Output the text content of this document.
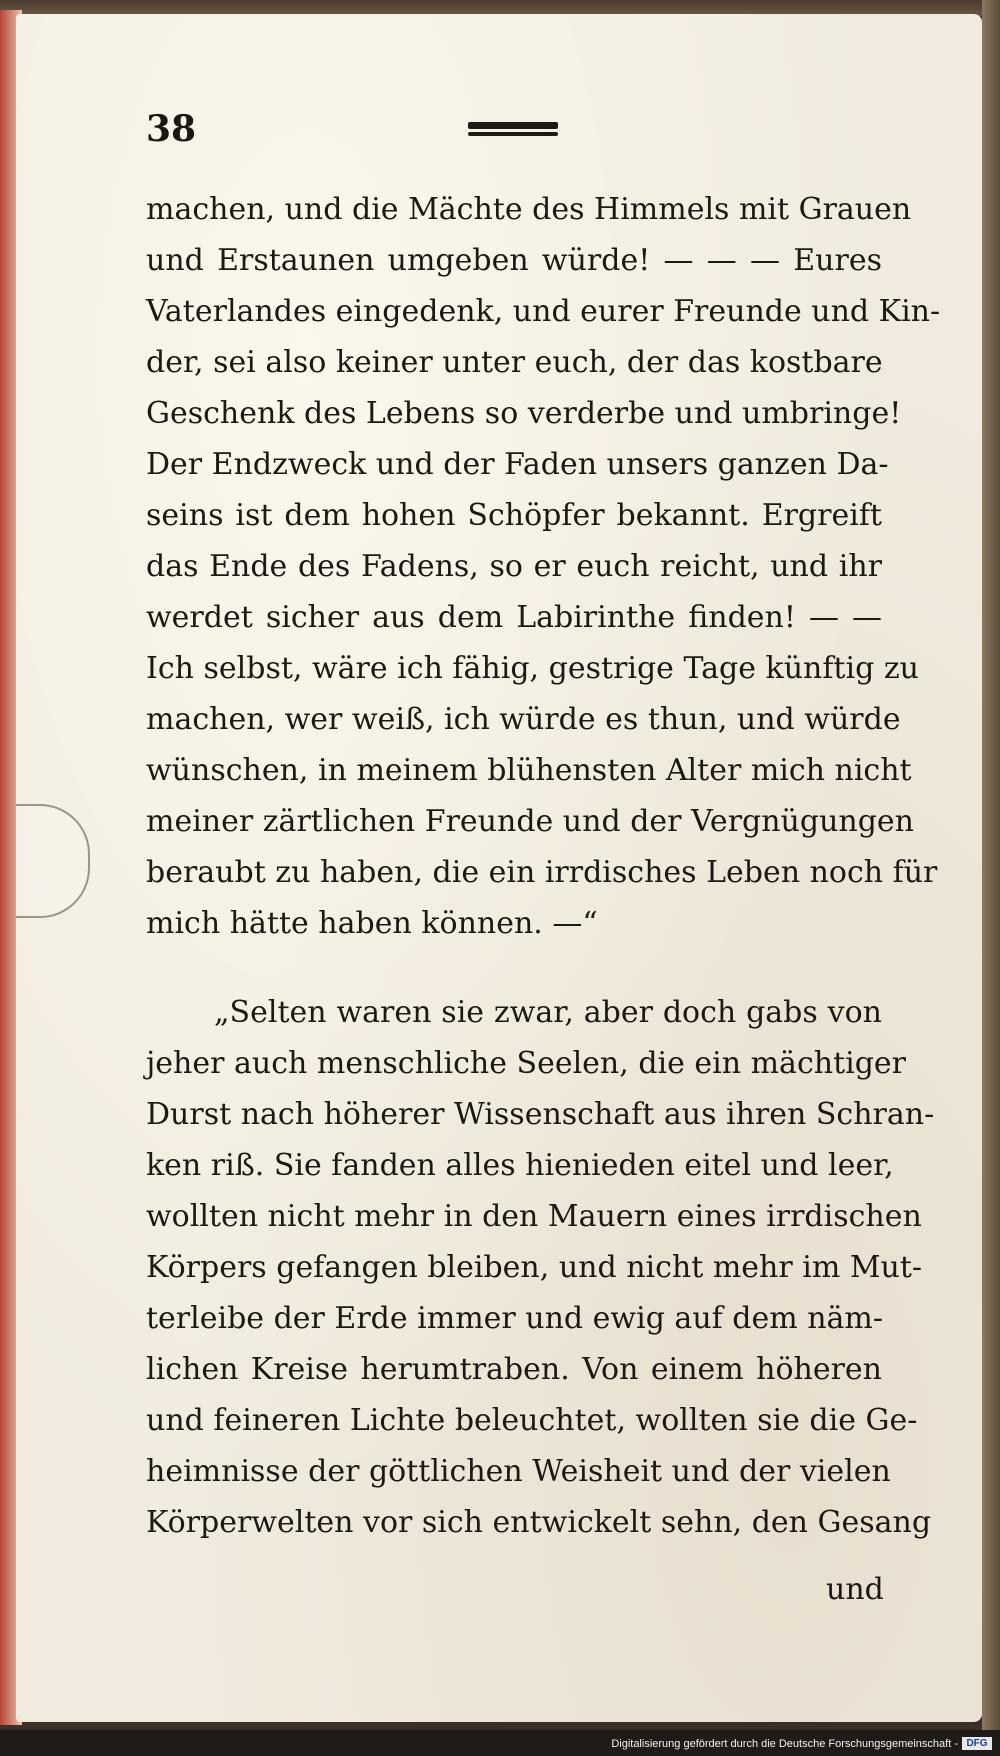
38
machen, und die Mächte des Himmels mit Grauen
und Erstaunen umgeben würde! — — — Eures
Vaterlandes eingedenk, und eurer Freunde und Kin-
der, sei also keiner unter euch, der das kostbare
Geschenk des Lebens so verderbe und umbringe!
Der Endzweck und der Faden unsers ganzen Da-
seins ist dem hohen Schöpfer bekannt. Ergreift
das Ende des Fadens, so er euch reicht, und ihr
werdet sicher aus dem Labirinthe finden! — —
Ich selbst, wäre ich fähig, gestrige Tage künftig zu
machen, wer weiß, ich würde es thun, und würde
wünschen, in meinem blühensten Alter mich nicht
meiner zärtlichen Freunde und der Vergnügungen
beraubt zu haben, die ein irrdisches Leben noch für
mich hätte haben können. —“
„Selten waren sie zwar, aber doch gabs von
jeher auch menschliche Seelen, die ein mächtiger
Durst nach höherer Wissenschaft aus ihren Schran-
ken riß. Sie fanden alles hienieden eitel und leer,
wollten nicht mehr in den Mauern eines irrdischen
Körpers gefangen bleiben, und nicht mehr im Mut-
terleibe der Erde immer und ewig auf dem näm-
lichen Kreise herumtraben. Von einem höheren
und feineren Lichte beleuchtet, wollten sie die Ge-
heimnisse der göttlichen Weisheit und der vielen
Körperwelten vor sich entwickelt sehn, den Gesang
und
Digitalisierung gefördert durch die Deutsche Forschungsgemeinschaft - DFG
